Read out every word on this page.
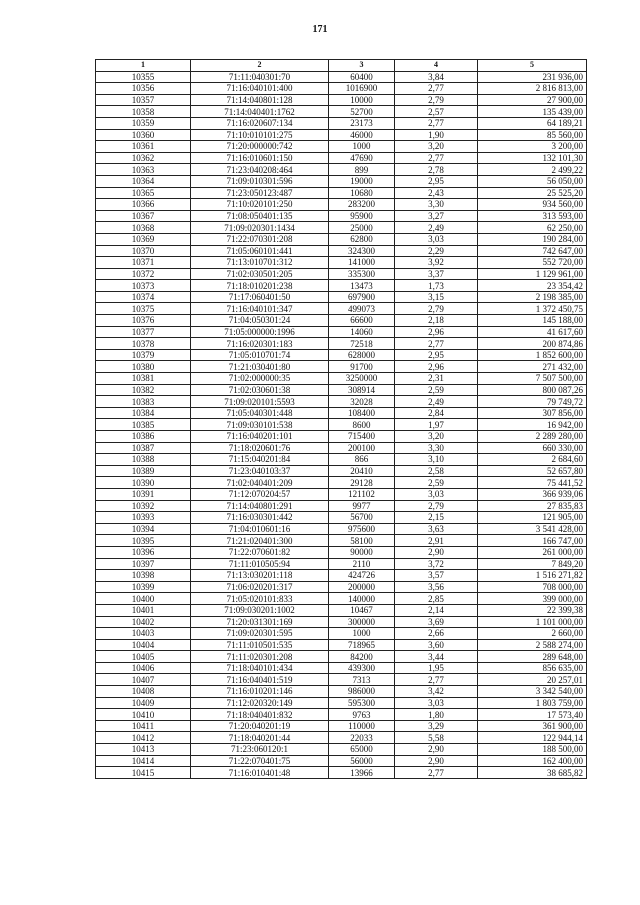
171
1	2	3	4	5
10355	71:11:040301:70	60400	3,84	231 936,00
10356	71:16:040101:400	1016900	2,77	2 816 813,00
10357	71:14:040801:128	10000	2,79	27 900,00
10358	71:14:040401:1762	52700	2,57	135 439,00
10359	71:16:020607:134	23173	2,77	64 189,21
10360	71:10:010101:275	46000	1,90	85 560,00
10361	71:20:000000:742	1000	3,20	3 200,00
10362	71:16:010601:150	47690	2,77	132 101,30
10363	71:23:040208:464	899	2,78	2 499,22
10364	71:09:010301:596	19000	2,95	56 050,00
10365	71:23:050123:487	10680	2,43	25 525,20
10366	71:10:020101:250	283200	3,30	934 560,00
10367	71:08:050401:135	95900	3,27	313 593,00
10368	71:09:020301:1434	25000	2,49	62 250,00
10369	71:22:070301:208	62800	3,03	190 284,00
10370	71:05:060101:441	324300	2,29	742 647,00
10371	71:13:010701:312	141000	3,92	552 720,00
10372	71:02:030501:205	335300	3,37	1 129 961,00
10373	71:18:010201:238	13473	1,73	23 354,42
10374	71:17:060401:50	697900	3,15	2 198 385,00
10375	71:16:040101:347	499073	2,79	1 372 450,75
10376	71:04:050301:24	66600	2,18	145 188,00
10377	71:05:000000:1996	14060	2,96	41 617,60
10378	71:16:020301:183	72518	2,77	200 874,86
10379	71:05:010701:74	628000	2,95	1 852 600,00
10380	71:21:030401:80	91700	2,96	271 432,00
10381	71:02:000000:35	3250000	2,31	7 507 500,00
10382	71:02:030601:38	308914	2,59	800 087,26
10383	71:09:020101:5593	32028	2,49	79 749,72
10384	71:05:040301:448	108400	2,84	307 856,00
10385	71:09:030101:538	8600	1,97	16 942,00
10386	71:16:040201:101	715400	3,20	2 289 280,00
10387	71:18:020601:76	200100	3,30	660 330,00
10388	71:15:040201:84	866	3,10	2 684,60
10389	71:23:040103:37	20410	2,58	52 657,80
10390	71:02:040401:209	29128	2,59	75 441,52
10391	71:12:070204:57	121102	3,03	366 939,06
10392	71:14:040801:291	9977	2,79	27 835,83
10393	71:16:030301:442	56700	2,15	121 905,00
10394	71:04:010601:16	975600	3,63	3 541 428,00
10395	71:21:020401:300	58100	2,91	166 747,00
10396	71:22:070601:82	90000	2,90	261 000,00
10397	71:11:010505:94	2110	3,72	7 849,20
10398	71:13:030201:118	424726	3,57	1 516 271,82
10399	71:06:020201:317	200000	3,56	708 000,00
10400	71:05:020101:833	140000	2,85	399 000,00
10401	71:09:030201:1002	10467	2,14	22 399,38
10402	71:20:031301:169	300000	3,69	1 101 000,00
10403	71:09:020301:595	1000	2,66	2 660,00
10404	71:11:010501:535	718965	3,60	2 588 274,00
10405	71:11:020301:208	84200	3,44	289 648,00
10406	71:18:040101:434	439300	1,95	856 635,00
10407	71:16:040401:519	7313	2,77	20 257,01
10408	71:16:010201:146	986000	3,42	3 342 540,00
10409	71:12:020320:149	595300	3,03	1 803 759,00
10410	71:18:040401:832	9763	1,80	17 573,40
10411	71:20:040201:19	110000	3,29	361 900,00
10412	71:18:040201:44	22033	5,58	122 944,14
10413	71:23:060120:1	65000	2,90	188 500,00
10414	71:22:070401:75	56000	2,90	162 400,00
10415	71:16:010401:48	13966	2,77	38 685,82
